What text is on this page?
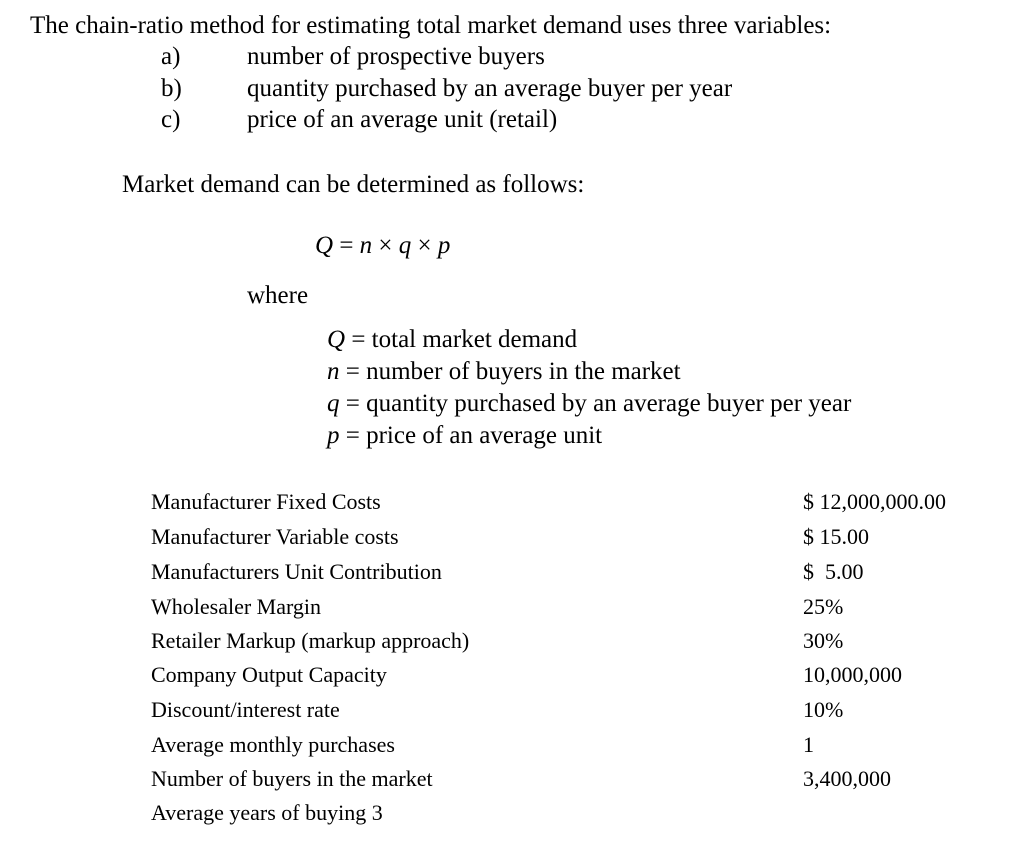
The chain-ratio method for estimating total market demand uses three variables:
a)	number of prospective buyers
b)	quantity purchased by an average buyer per year
c)	price of an average unit (retail)
Market demand can be determined as follows:
Q = n × q × p
where
Q = total market demand
n = number of buyers in the market
q = quantity purchased by an average buyer per year
p = price of an average unit
Manufacturer Fixed Costs	$ 12,000,000.00
Manufacturer Variable costs	$ 15.00
Manufacturers Unit Contribution	$  5.00
Wholesaler Margin	25%
Retailer Markup (markup approach)	30%
Company Output Capacity	10,000,000
Discount/interest rate	10%
Average monthly purchases	1
Number of buyers in the market	3,400,000
Average years of buying 3
